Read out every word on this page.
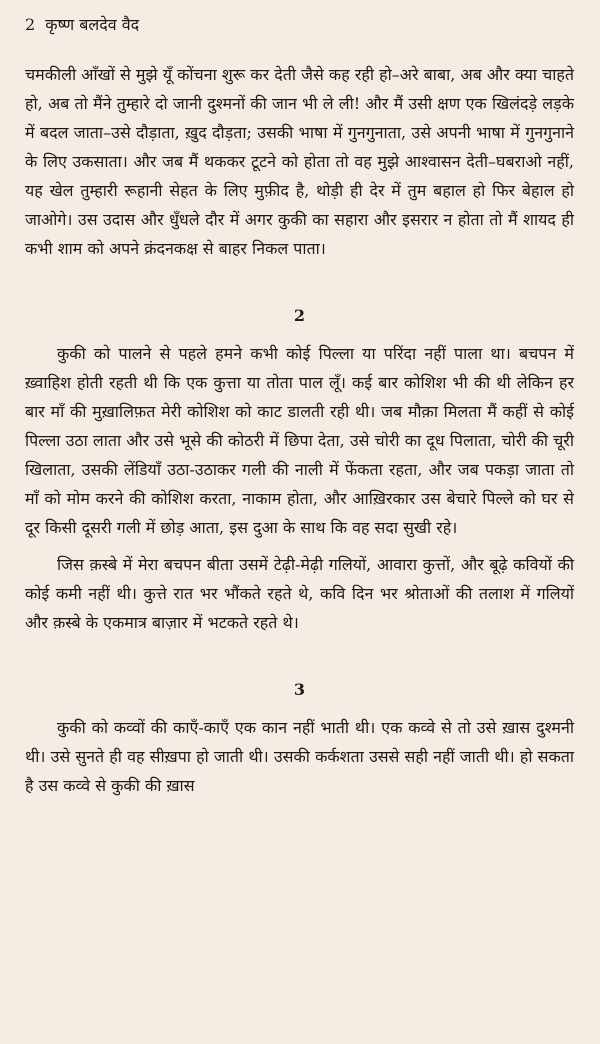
2 कृष्ण बलदेव वैद

चमकीली आँखों से मुझे यूँ कोंचना शुरू कर देती जैसे कह रही हो–अरे बाबा, अब और क्या चाहते हो, अब तो मैंने तुम्हारे दो जानी दुश्मनों की जान भी ले ली! और मैं उसी क्षण एक खिलंदड़े लड़के में बदल जाता–उसे दौड़ाता, ख़ुद दौड़ता; उसकी भाषा में गुनगुनाता, उसे अपनी भाषा में गुनगुनाने के लिए उकसाता। और जब मैं थककर टूटने को होता तो वह मुझे आश्वासन देती–घबराओ नहीं, यह खेल तुम्हारी रूहानी सेहत के लिए मुफ़ीद है, थोड़ी ही देर में तुम बहाल हो फिर बेहाल हो जाओगे। उस उदास और धुँधले दौर में अगर कुकी का सहारा और इसरार न होता तो मैं शायद ही कभी शाम को अपने क्रंदनकक्ष से बाहर निकल पाता।

2

कुकी को पालने से पहले हमने कभी कोई पिल्ला या परिंदा नहीं पाला था। बचपन में ख़्वाहिश होती रहती थी कि एक कुत्ता या तोता पाल लूँ। कई बार कोशिश भी की थी लेकिन हर बार माँ की मुख़ालिफ़त मेरी कोशिश को काट डालती रही थी। जब मौक़ा मिलता मैं कहीं से कोई पिल्ला उठा लाता और उसे भूसे की कोठरी में छिपा देता, उसे चोरी का दूध पिलाता, चोरी की चूरी खिलाता, उसकी लेंडियाँ उठा-उठाकर गली की नाली में फेंकता रहता, और जब पकड़ा जाता तो माँ को मोम करने की कोशिश करता, नाकाम होता, और आख़िरकार उस बेचारे पिल्ले को घर से दूर किसी दूसरी गली में छोड़ आता, इस दुआ के साथ कि वह सदा सुखी रहे।

जिस क़स्बे में मेरा बचपन बीता उसमें टेढ़ी-मेढ़ी गलियों, आवारा कुत्तों, और बूढ़े कवियों की कोई कमी नहीं थी। कुत्ते रात भर भौंकते रहते थे, कवि दिन भर श्रोताओं की तलाश में गलियों और क़स्बे के एकमात्र बाज़ार में भटकते रहते थे।

3

कुकी को कव्वों की काएँ-काएँ एक कान नहीं भाती थी। एक कव्वे से तो उसे ख़ास दुश्मनी थी। उसे सुनते ही वह सीख़पा हो जाती थी। उसकी कर्कशता उससे सही नहीं जाती थी। हो सकता है उस कव्वे से कुकी की ख़ास
